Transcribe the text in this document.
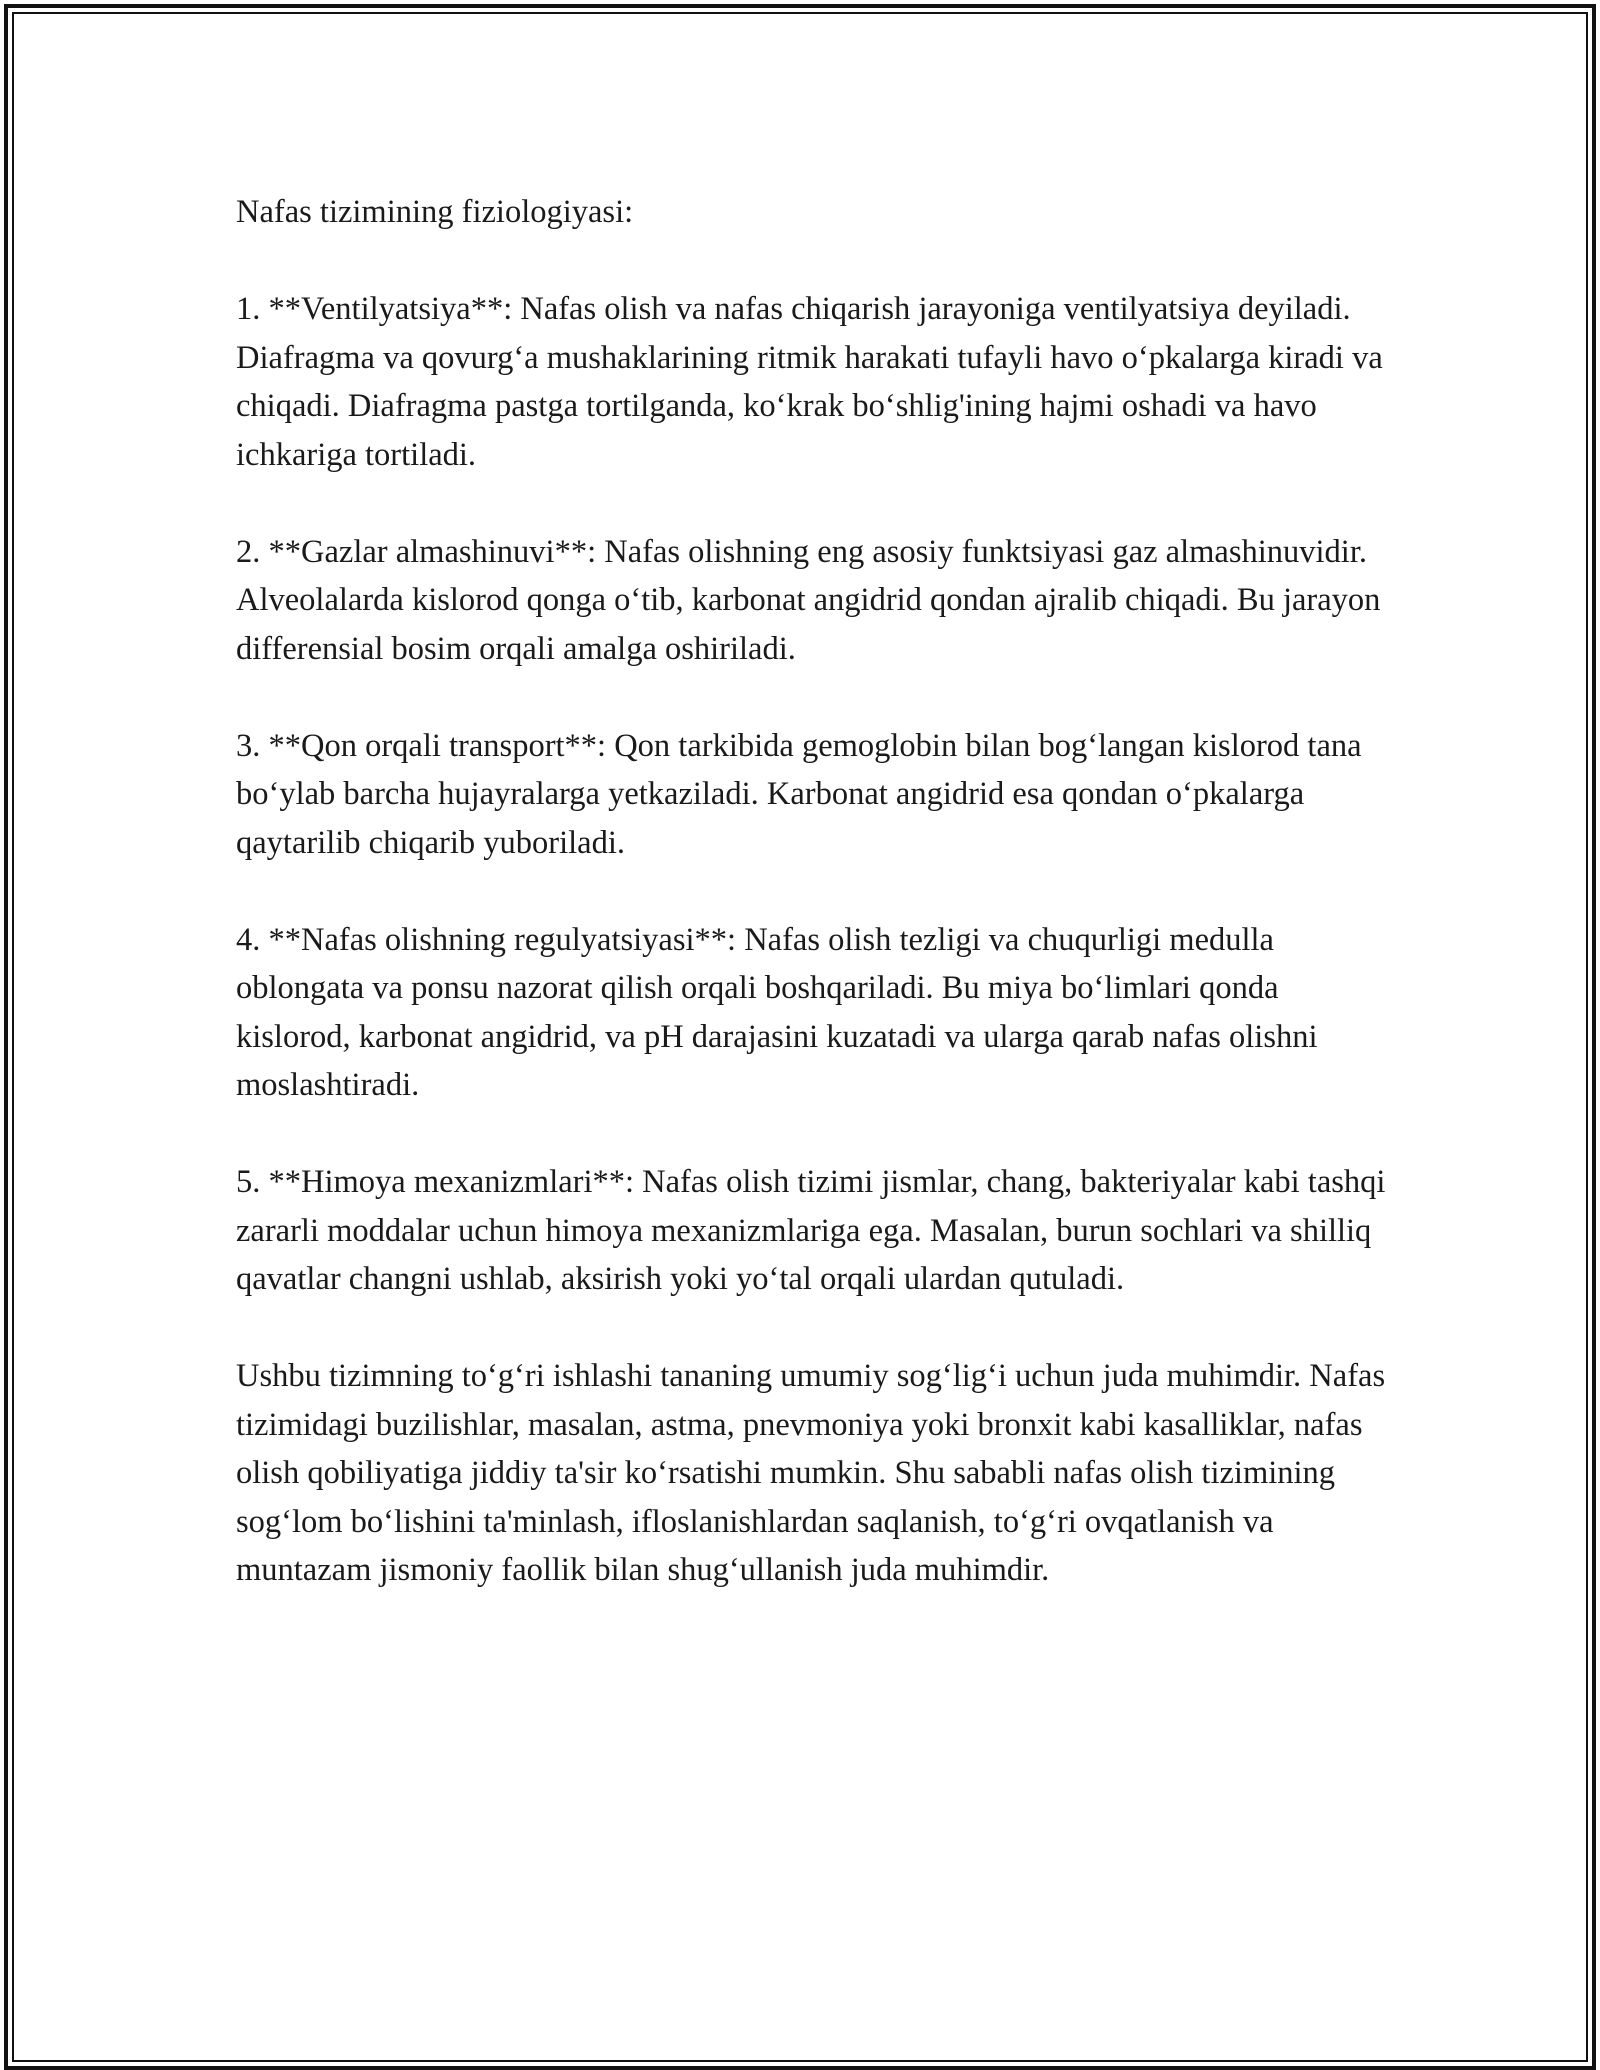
Nafas tizimining fiziologiyasi:

1. **Ventilyatsiya**: Nafas olish va nafas chiqarish jarayoniga ventilyatsiya deyiladi. Diafragma va qovurg‘a mushaklarining ritmik harakati tufayli havo o‘pkalarga kiradi va chiqadi. Diafragma pastga tortilganda, ko‘krak bo‘shlig'ining hajmi oshadi va havo ichkariga tortiladi.

2. **Gazlar almashinuvi**: Nafas olishning eng asosiy funktsiyasi gaz almashinuvidir. Alveolalarda kislorod qonga o‘tib, karbonat angidrid qondan ajralib chiqadi. Bu jarayon differensial bosim orqali amalga oshiriladi.

3. **Qon orqali transport**: Qon tarkibida gemoglobin bilan bog‘langan kislorod tana bo‘ylab barcha hujayralarga yetkaziladi. Karbonat angidrid esa qondan o‘pkalarga qaytarilib chiqarib yuboriladi.

4. **Nafas olishning regulyatsiyasi**: Nafas olish tezligi va chuqurligi medulla oblongata va ponsu nazorat qilish orqali boshqariladi. Bu miya bo‘limlari qonda kislorod, karbonat angidrid, va pH darajasini kuzatadi va ularga qarab nafas olishni moslashtiradi.

5. **Himoya mexanizmlari**: Nafas olish tizimi jismlar, chang, bakteriyalar kabi tashqi zararli moddalar uchun himoya mexanizmlariga ega. Masalan, burun sochlari va shilliq qavatlar changni ushlab, aksirish yoki yo‘tal orqali ulardan qutuladi.

Ushbu tizimning to‘g‘ri ishlashi tananing umumiy sog‘lig‘i uchun juda muhimdir. Nafas tizimidagi buzilishlar, masalan, astma, pnevmoniya yoki bronxit kabi kasalliklar, nafas olish qobiliyatiga jiddiy ta'sir ko‘rsatishi mumkin. Shu sababli nafas olish tizimining sog‘lom bo‘lishini ta'minlash, ifloslanishlardan saqlanish, to‘g‘ri ovqatlanish va muntazam jismoniy faollik bilan shug‘ullanish juda muhimdir.
